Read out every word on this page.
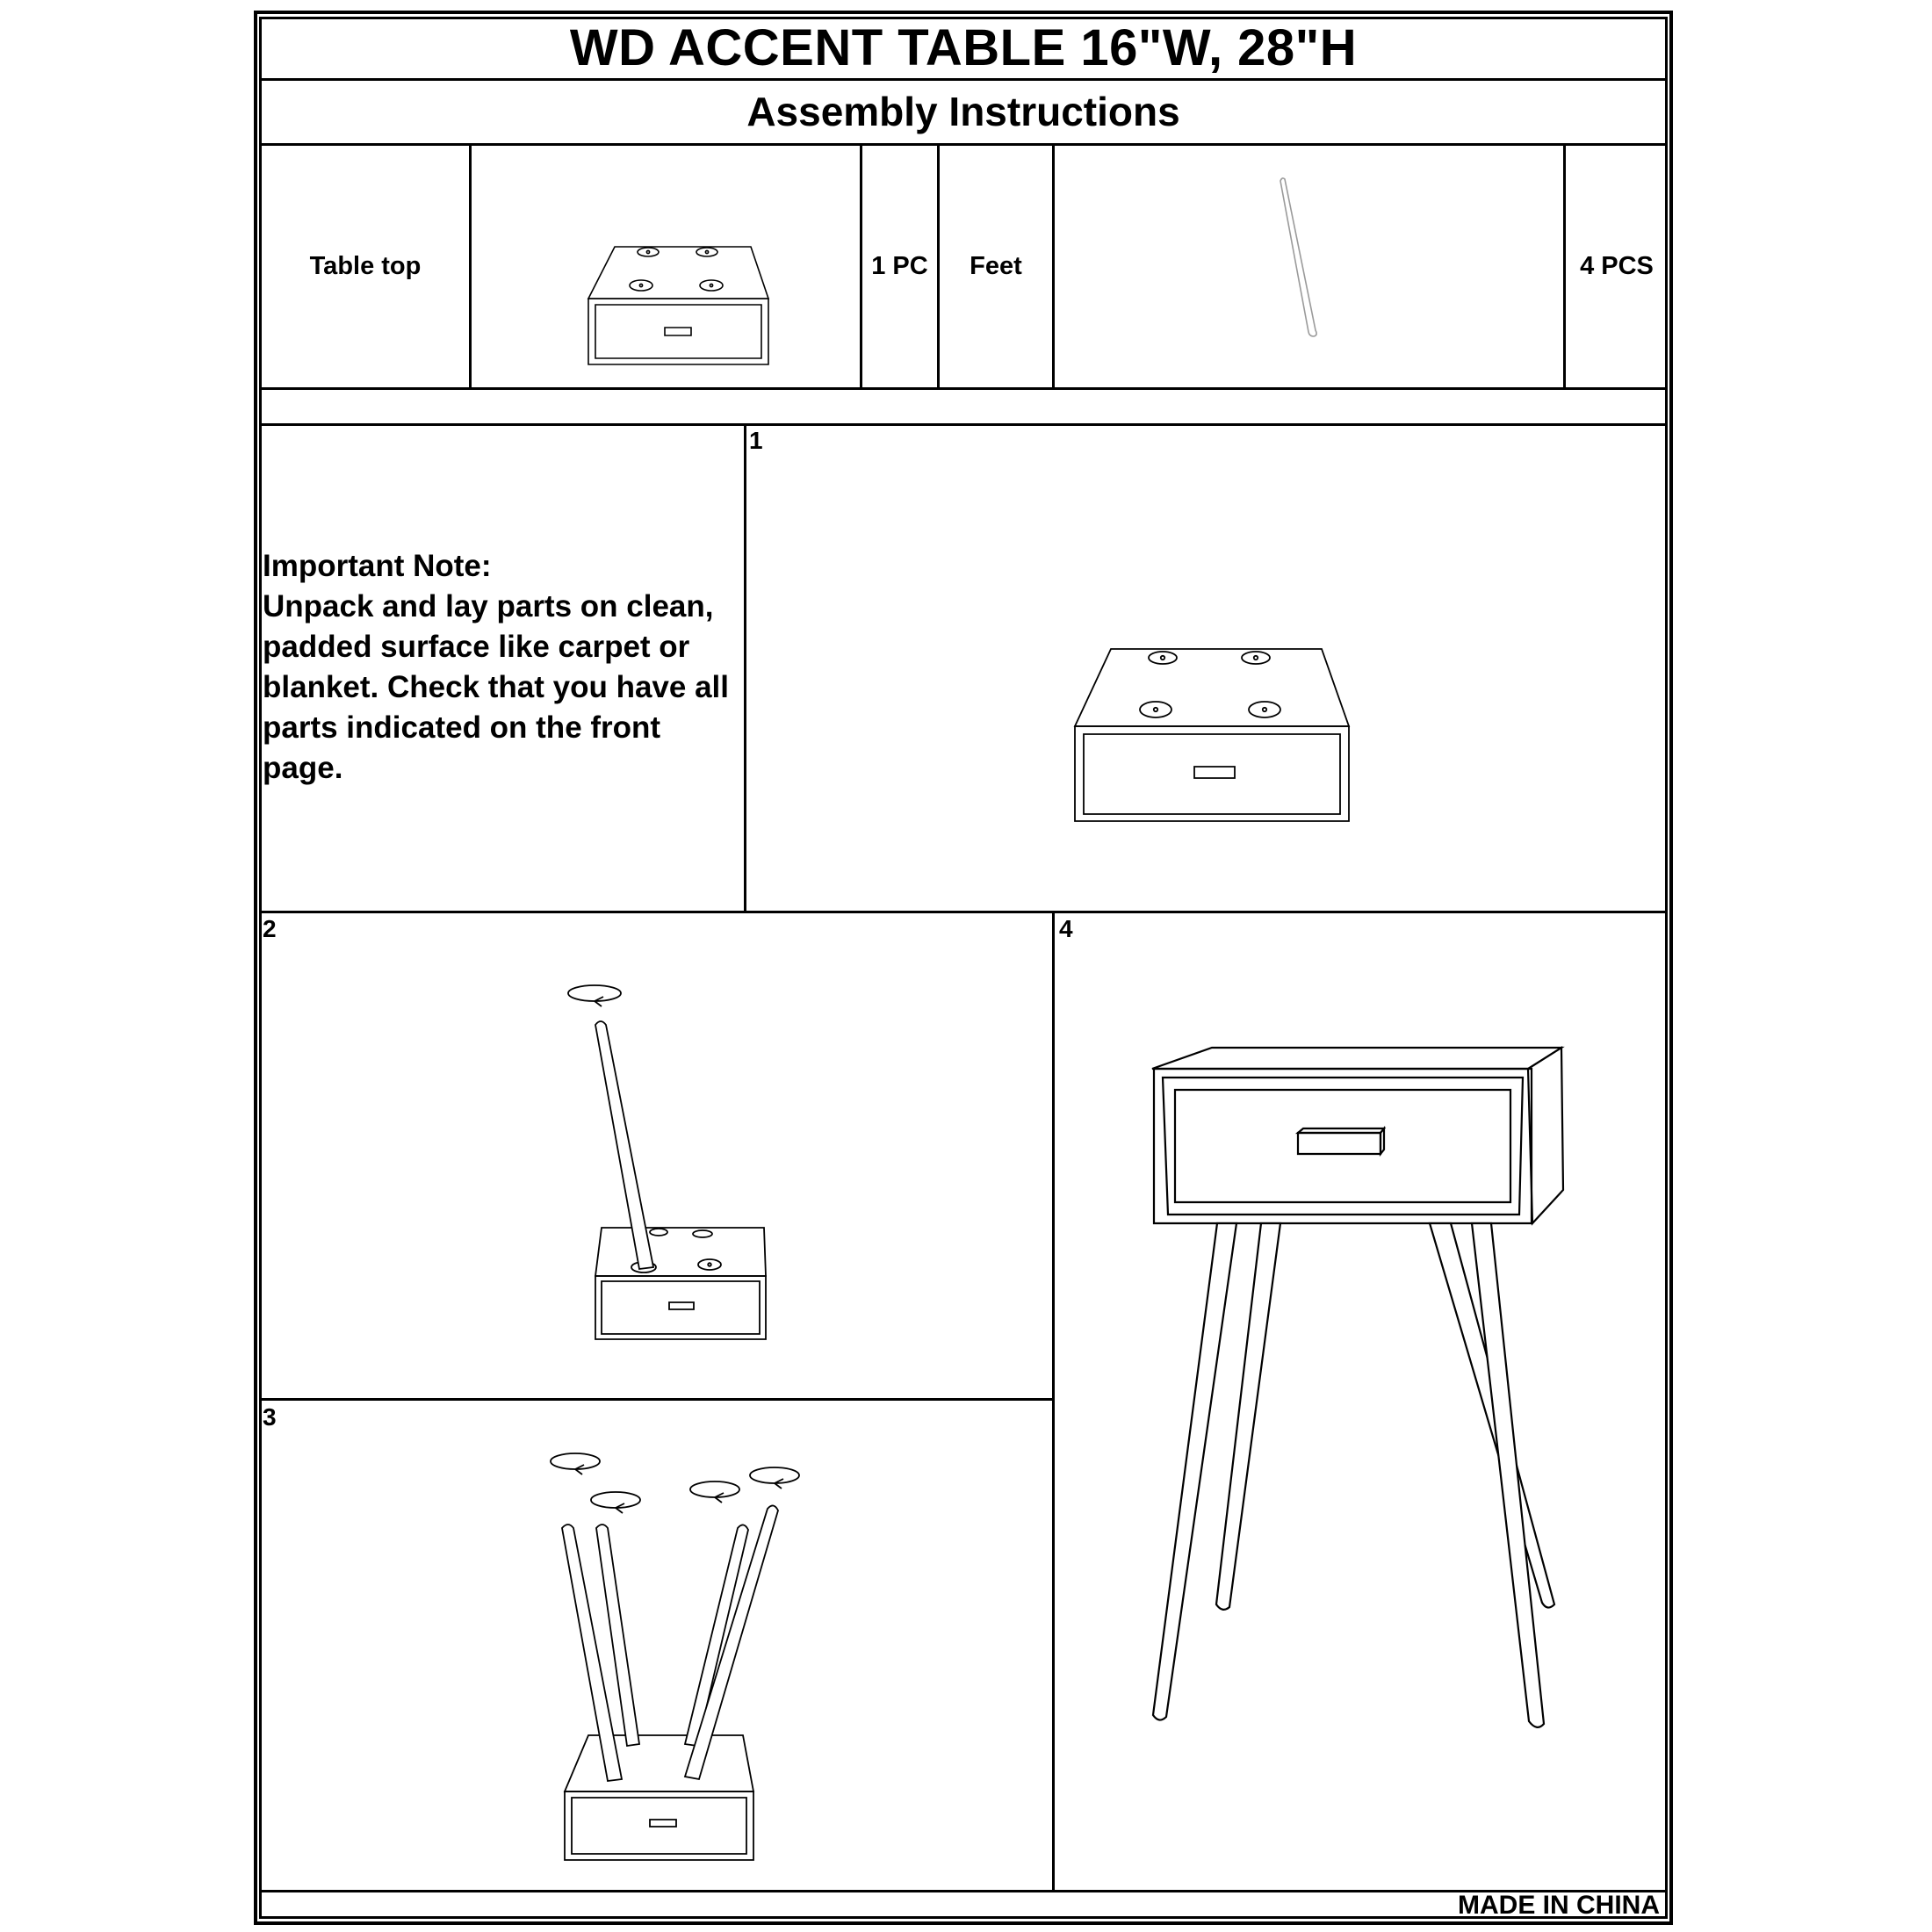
WD ACCENT TABLE 16"W, 28"H
Assembly Instructions
Table top	1 PC	Feet	4 PCS
Important Note:
Unpack and lay parts on clean, padded surface like carpet or blanket. Check that you have all parts indicated on the front page.
1
2	4
3
MADE IN CHINA
